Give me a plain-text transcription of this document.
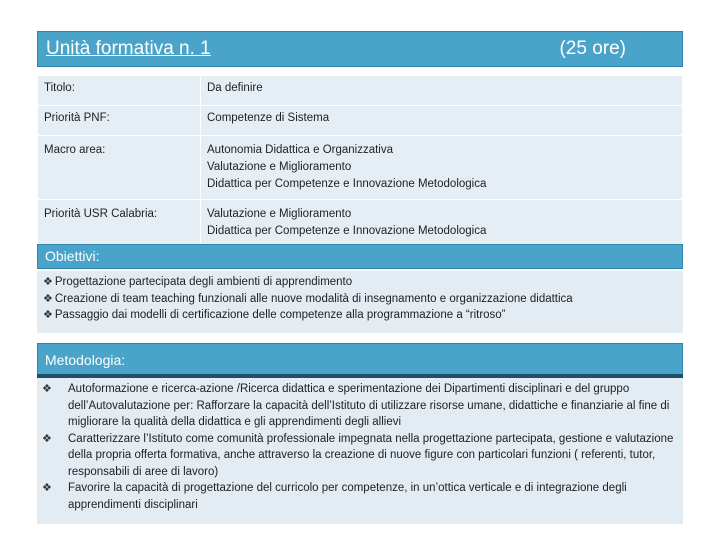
Unità formativa n. 1	(25 ore)
Titolo:	Da definire

Priorità PNF:	Competenze di Sistema

Macro area:	Autonomia Didattica e Organizzativa
Valutazione e Miglioramento
Didattica per Competenze e Innovazione Metodologica

Priorità USR Calabria:	Valutazione e Miglioramento
Didattica per Competenze e Innovazione Metodologica
Obiettivi:
❖ Progettazione partecipata degli ambienti di apprendimento
❖ Creazione di team teaching funzionali alle nuove modalità di insegnamento e organizzazione didattica
❖ Passaggio dai modelli di certificazione delle competenze alla programmazione a “ritroso”
Metodologia:
❖	Autoformazione e ricerca-azione /Ricerca didattica e sperimentazione dei Dipartimenti disciplinari e del gruppo dell’Autovalutazione per: Rafforzare la capacità dell’Istituto di utilizzare risorse umane, didattiche e finanziarie al fine di migliorare la qualità della didattica e gli apprendimenti degli allievi
❖	Caratterizzare l’Istituto come comunità professionale impegnata nella progettazione partecipata, gestione e valutazione della propria offerta formativa, anche attraverso la creazione di nuove figure con particolari funzioni ( referenti, tutor, responsabili di aree di lavoro)
❖	Favorire la capacità di progettazione del curricolo per competenze, in un’ottica verticale e di integrazione degli apprendimenti disciplinari
